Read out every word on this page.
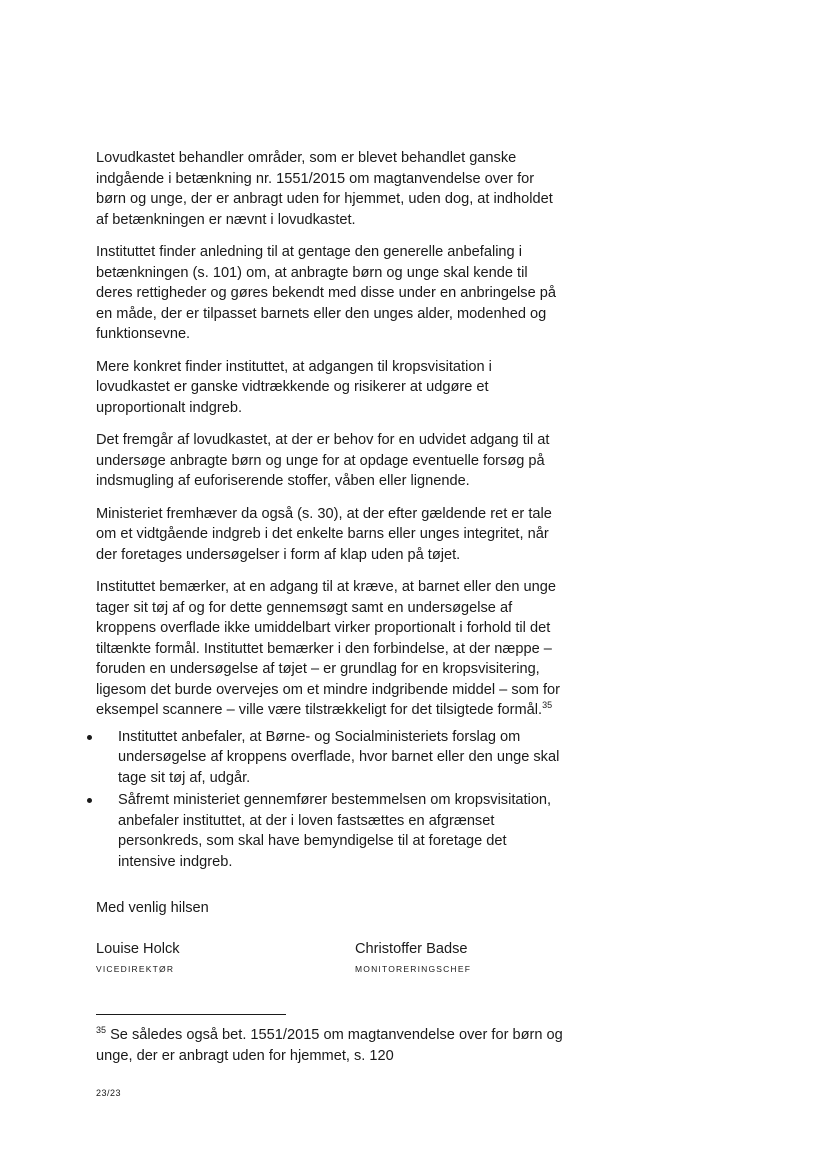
Lovudkastet behandler områder, som er blevet behandlet ganske indgående i betænkning nr. 1551/2015 om magtanvendelse over for børn og unge, der er anbragt uden for hjemmet, uden dog, at indholdet af betænkningen er nævnt i lovudkastet.

Instituttet finder anledning til at gentage den generelle anbefaling i betænkningen (s. 101) om, at anbragte børn og unge skal kende til deres rettigheder og gøres bekendt med disse under en anbringelse på en måde, der er tilpasset barnets eller den unges alder, modenhed og funktionsevne.

Mere konkret finder instituttet, at adgangen til kropsvisitation i lovudkastet er ganske vidtrækkende og risikerer at udgøre et uproportionalt indgreb.

Det fremgår af lovudkastet, at der er behov for en udvidet adgang til at undersøge anbragte børn og unge for at opdage eventuelle forsøg på indsmugling af euforiserende stoffer, våben eller lignende.

Ministeriet fremhæver da også (s. 30), at der efter gældende ret er tale om et vidtgående indgreb i det enkelte barns eller unges integritet, når der foretages undersøgelser i form af klap uden på tøjet.

Instituttet bemærker, at en adgang til at kræve, at barnet eller den unge tager sit tøj af og for dette gennemsøgt samt en undersøgelse af kroppens overflade ikke umiddelbart virker proportionalt i forhold til det tiltænkte formål. Instituttet bemærker i den forbindelse, at der næppe – foruden en undersøgelse af tøjet – er grundlag for en kropsvisitering, ligesom det burde overvejes om et mindre indgribende middel – som for eksempel scannere – ville være tilstrækkeligt for det tilsigtede formål.$^{35}$

Instituttet anbefaler, at Børne- og Socialministeriets forslag om undersøgelse af kroppens overflade, hvor barnet eller den unge skal tage sit tøj af, udgår.
Såfremt ministeriet gennemfører bestemmelsen om kropsvisitation, anbefaler instituttet, at der i loven fastsættes en afgrænset personkreds, som skal have bemyndigelse til at foretage det intensive indgreb.
Med venlig hilsen
Louise Holck
VICEDIREKTØR
Christoffer Badse
MONITORERINGSCHEF
$^{35}$ Se således også bet. 1551/2015 om magtanvendelse over for børn og unge, der er anbragt uden for hjemmet, s. 120
23/23
